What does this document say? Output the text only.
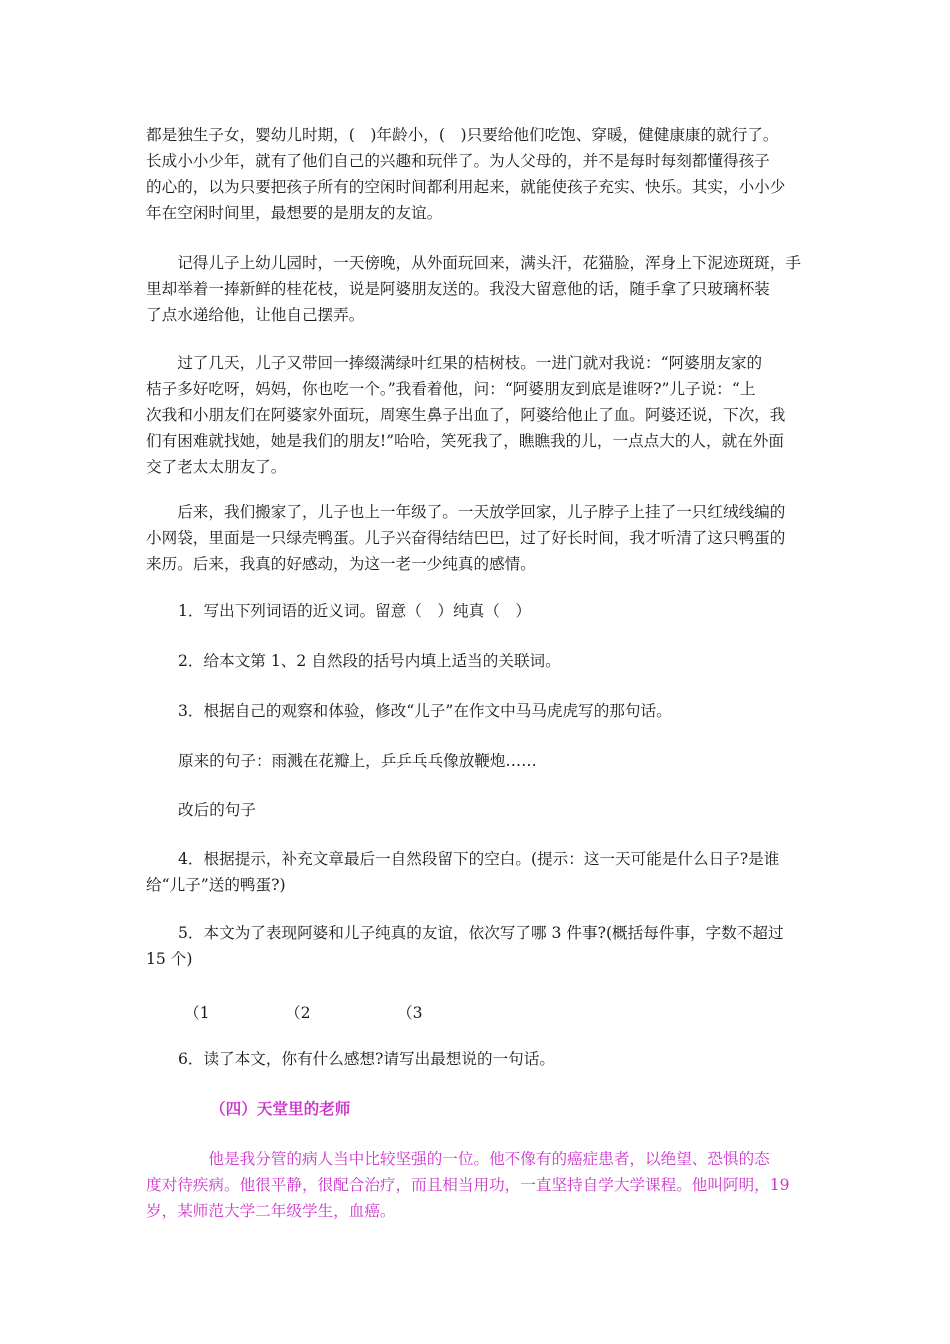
都是独生子女，婴幼儿时期，(　)年龄小，(　)只要给他们吃饱、穿暖，健健康康的就行了。
长成小小少年，就有了他们自己的兴趣和玩伴了。为人父母的，并不是每时每刻都懂得孩子
的心的，以为只要把孩子所有的空闲时间都利用起来，就能使孩子充实、快乐。其实，小小少
年在空闲时间里，最想要的是朋友的友谊。
　　记得儿子上幼儿园时，一天傍晚，从外面玩回来，满头汗，花猫脸，浑身上下泥迹斑斑，手
里却举着一捧新鲜的桂花枝，说是阿婆朋友送的。我没大留意他的话，随手拿了只玻璃杯装
了点水递给他，让他自己摆弄。
　　过了几天，儿子又带回一捧缀满绿叶红果的桔树枝。一进门就对我说：“阿婆朋友家的
桔子多好吃呀，妈妈，你也吃一个。”我看着他，问：“阿婆朋友到底是谁呀?”儿子说：“上
次我和小朋友们在阿婆家外面玩，周寒生鼻子出血了，阿婆给他止了血。阿婆还说，下次，我
们有困难就找她，她是我们的朋友!”哈哈，笑死我了，瞧瞧我的儿，一点点大的人，就在外面
交了老太太朋友了。
　　后来，我们搬家了，儿子也上一年级了。一天放学回家，儿子脖子上挂了一只红绒线编的
小网袋，里面是一只绿壳鸭蛋。儿子兴奋得结结巴巴，过了好长时间，我才听清了这只鸭蛋的
来历。后来，我真的好感动，为这一老一少纯真的感情。
1．写出下列词语的近义词。留意（　）纯真（　）
2．给本文第 1、2 自然段的括号内填上适当的关联词。
3．根据自己的观察和体验，修改“儿子”在作文中马马虎虎写的那句话。
原来的句子：雨溅在花瓣上，乒乒乓乓像放鞭炮……
改后的句子
4．根据提示，补充文章最后一自然段留下的空白。(提示：这一天可能是什么日子?是谁
给“儿子”送的鸭蛋?)
5．本文为了表现阿婆和儿子纯真的友谊，依次写了哪 3 件事?(概括每件事，字数不超过
15 个)
（1	（2	（3
6．读了本文，你有什么感想?请写出最想说的一句话。
（四）天堂里的老师
　　　　他是我分管的病人当中比较坚强的一位。他不像有的癌症患者，以绝望、恐惧的态
度对待疾病。他很平静，很配合治疗，而且相当用功，一直坚持自学大学课程。他叫阿明，19
岁，某师范大学二年级学生，血癌。
